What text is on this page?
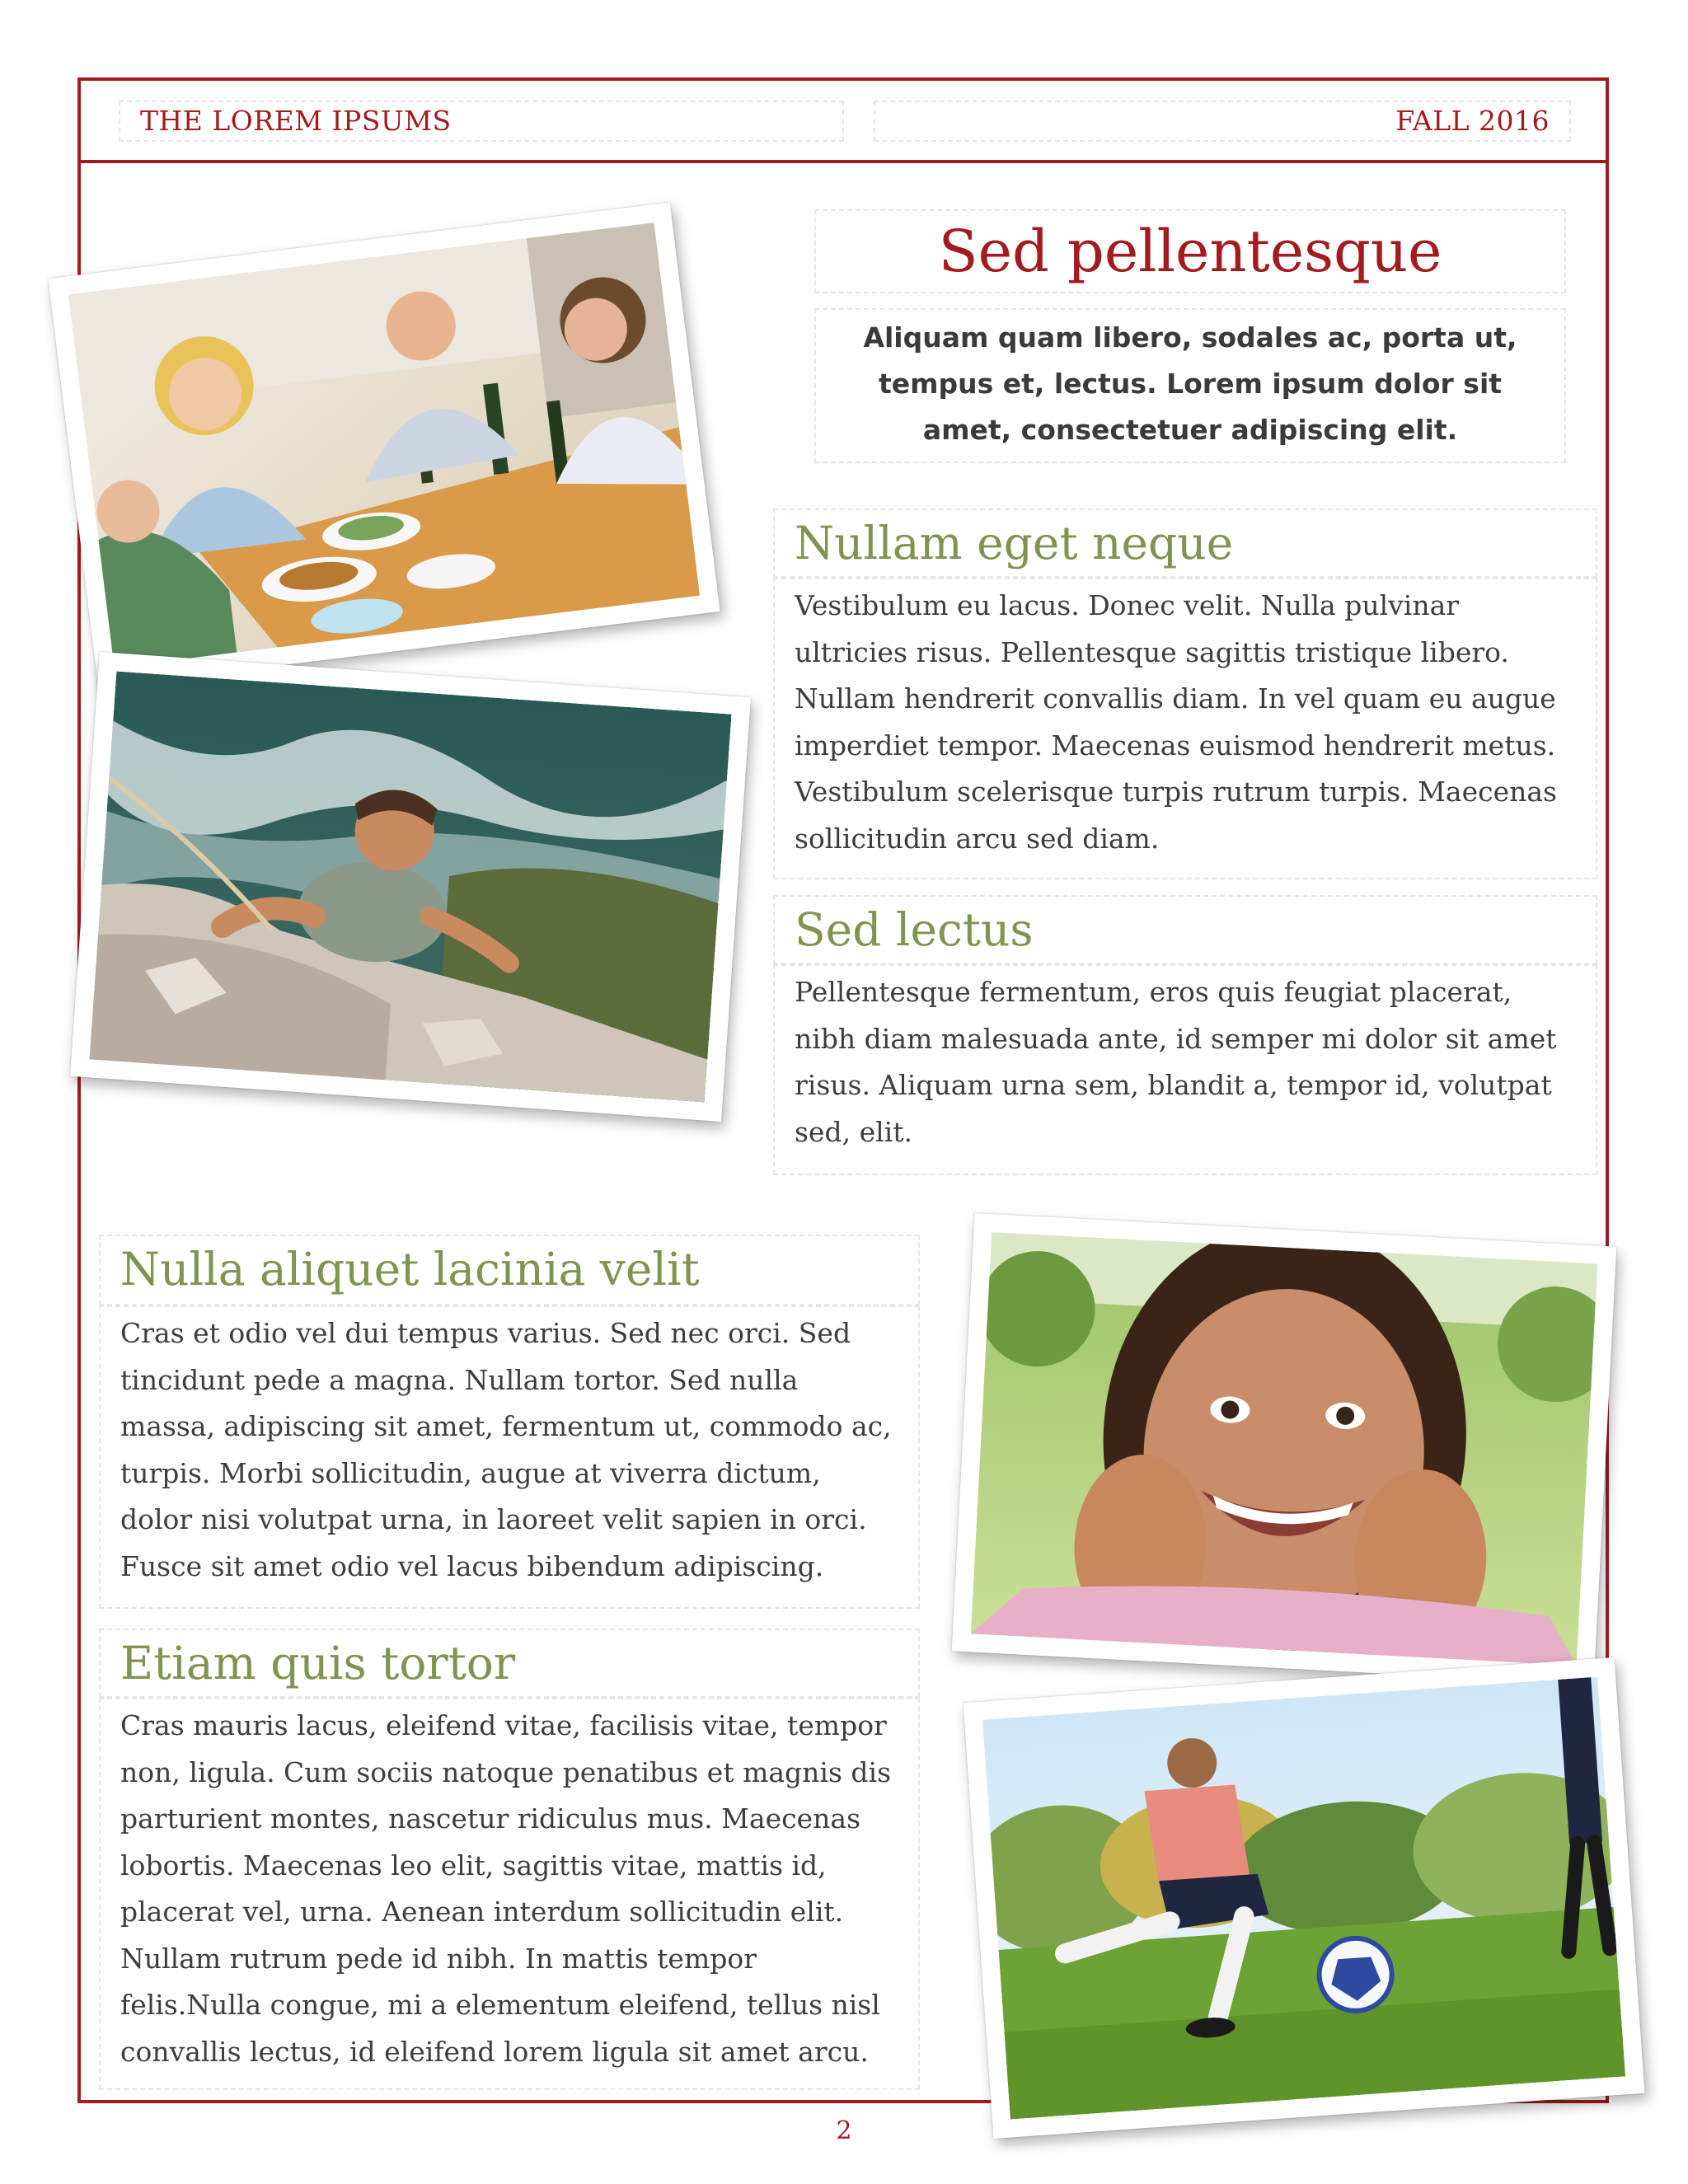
THE LOREM IPSUMS	FALL 2016
Sed pellentesque
Aliquam quam libero, sodales ac, porta ut, tempus et, lectus. Lorem ipsum dolor sit amet, consectetuer adipiscing elit.
Nullam eget neque
Vestibulum eu lacus. Donec velit. Nulla pulvinar ultricies risus. Pellentesque sagittis tristique libero. Nullam hendrerit convallis diam. In vel quam eu augue imperdiet tempor. Maecenas euismod hendrerit metus. Vestibulum scelerisque turpis rutrum turpis. Maecenas sollicitudin arcu sed diam.
Sed lectus
Pellentesque fermentum, eros quis feugiat placerat, nibh diam malesuada ante, id semper mi dolor sit amet risus. Aliquam urna sem, blandit a, tempor id, volutpat sed, elit.
Nulla aliquet lacinia velit
Cras et odio vel dui tempus varius. Sed nec orci. Sed tincidunt pede a magna. Nullam tortor. Sed nulla massa, adipiscing sit amet, fermentum ut, commodo ac, turpis. Morbi sollicitudin, augue at viverra dictum, dolor nisi volutpat urna, in laoreet velit sapien in orci. Fusce sit amet odio vel lacus bibendum adipiscing.
Etiam quis tortor
Cras mauris lacus, eleifend vitae, facilisis vitae, tempor non, ligula. Cum sociis natoque penatibus et magnis dis parturient montes, nascetur ridiculus mus. Maecenas lobortis. Maecenas leo elit, sagittis vitae, mattis id, placerat vel, urna. Aenean interdum sollicitudin elit. Nullam rutrum pede id nibh. In mattis tempor felis.Nulla congue, mi a elementum eleifend, tellus nisl convallis lectus, id eleifend lorem ligula sit amet arcu.
2
